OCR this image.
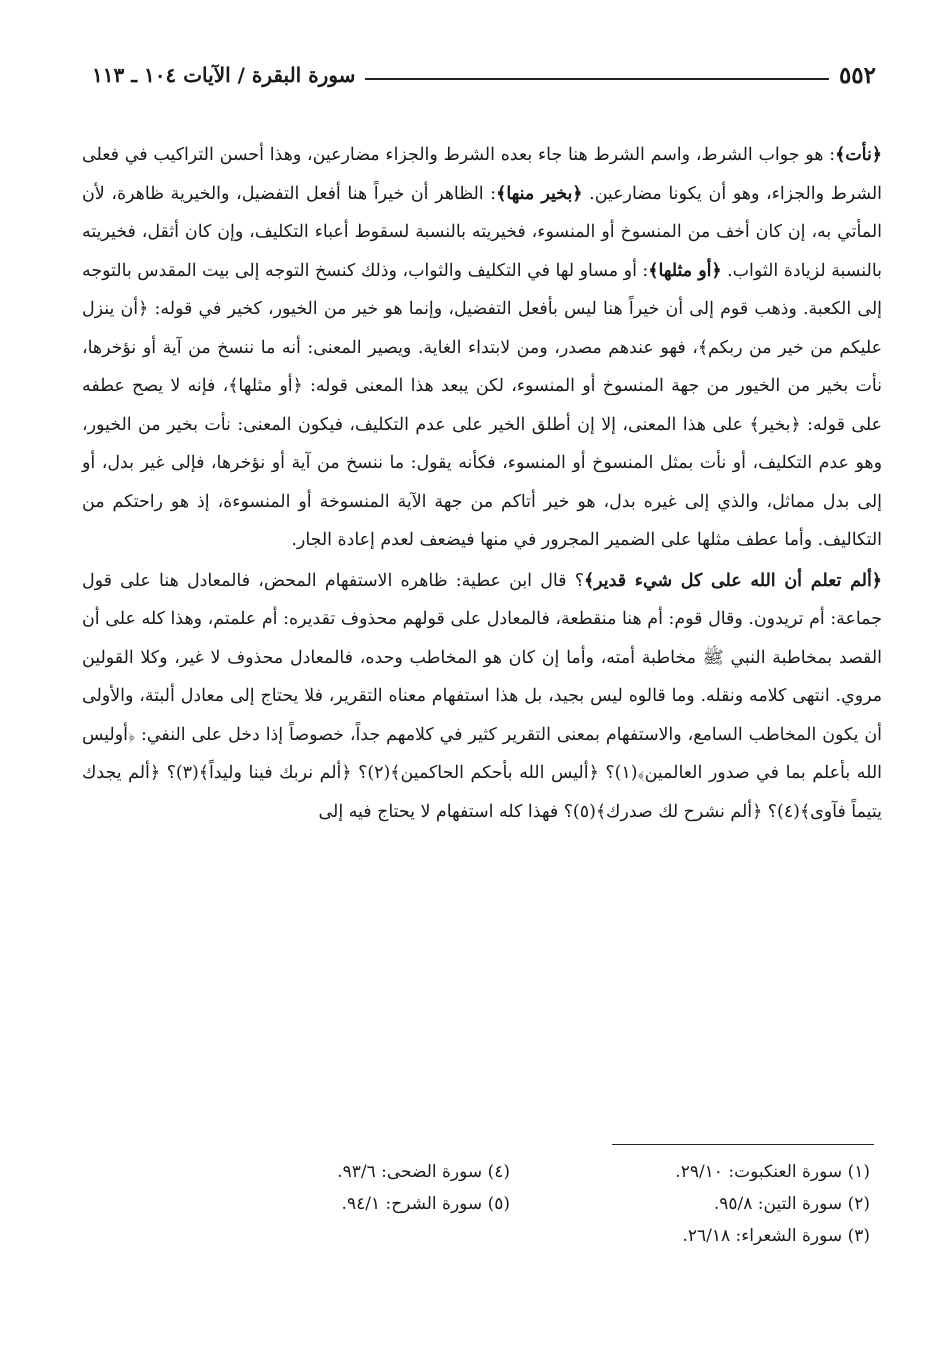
٥٥٢
سورة البقرة / الآيات ١٠٤ ـ ١١٣

﴿نأت﴾: هو جواب الشرط، واسم الشرط هنا جاء بعده الشرط والجزاء مضارعين، وهذا أحسن التراكيب في فعلى الشرط والجزاء، وهو أن يكونا مضارعين. ﴿بخير منها﴾: الظاهر أن خيراً هنا أفعل التفضيل، والخيرية ظاهرة، لأن المأتي به، إن كان أخف من المنسوخ أو المنسوء، فخيريته بالنسبة لسقوط أعباء التكليف، وإن كان أثقل، فخيريته بالنسبة لزيادة الثواب. ﴿أو مثلها﴾: أو مساو لها في التكليف والثواب، وذلك كنسخ التوجه إلى بيت المقدس بالتوجه إلى الكعبة. وذهب قوم إلى أن خيراً هنا ليس بأفعل التفضيل، وإنما هو خير من الخيور، كخير في قوله: ﴿أن ينزل عليكم من خير من ربكم﴾، فهو عندهم مصدر، ومن لابتداء الغاية. ويصير المعنى: أنه ما ننسخ من آية أو نؤخرها، نأت بخير من الخيور من جهة المنسوخ أو المنسوء، لكن يبعد هذا المعنى قوله: ﴿أو مثلها﴾، فإنه لا يصح عطفه على قوله: ﴿بخير﴾ على هذا المعنى، إلا إن أطلق الخير على عدم التكليف، فيكون المعنى: نأت بخير من الخيور، وهو عدم التكليف، أو نأت بمثل المنسوخ أو المنسوء، فكأنه يقول: ما ننسخ من آية أو نؤخرها، فإلى غير بدل، أو إلى بدل مماثل، والذي إلى غيره بدل، هو خير أتاكم من جهة الآية المنسوخة أو المنسوءة، إذ هو راحتكم من التكاليف. وأما عطف مثلها على الضمير المجرور في منها فيضعف لعدم إعادة الجار.

﴿ألم تعلم أن الله على كل شيء قدير﴾؟ قال ابن عطية: ظاهره الاستفهام المحض، فالمعادل هنا على قول جماعة: أم تريدون. وقال قوم: أم هنا منقطعة، فالمعادل على قولهم محذوف تقديره: أم علمتم، وهذا كله على أن القصد بمخاطبة النبي ﷺ مخاطبة أمته، وأما إن كان هو المخاطب وحده، فالمعادل محذوف لا غير، وكلا القولين مروي. انتهى كلامه ونقله. وما قالوه ليس بجيد، بل هذا استفهام معناه التقرير، فلا يحتاج إلى معادل ألبتة، والأولى أن يكون المخاطب السامع، والاستفهام بمعنى التقرير كثير في كلامهم جداً، خصوصاً إذا دخل على النفي: ﴿أوليس الله بأعلم بما في صدور العالمين﴾(١)؟ ﴿أليس الله بأحكم الحاكمين﴾(٢)؟ ﴿ألم نربك فينا وليداً﴾(٣)؟ ﴿ألم يجدك يتيماً فآوى﴾(٤)؟ ﴿ألم نشرح لك صدرك﴾(٥)؟ فهذا كله استفهام لا يحتاج فيه إلى

(١) سورة العنكبوت: ٢٩/١٠.
(٢) سورة التين: ٩٥/٨.
(٣) سورة الشعراء: ٢٦/١٨.
(٤) سورة الضحى: ٩٣/٦.
(٥) سورة الشرح: ٩٤/١.
